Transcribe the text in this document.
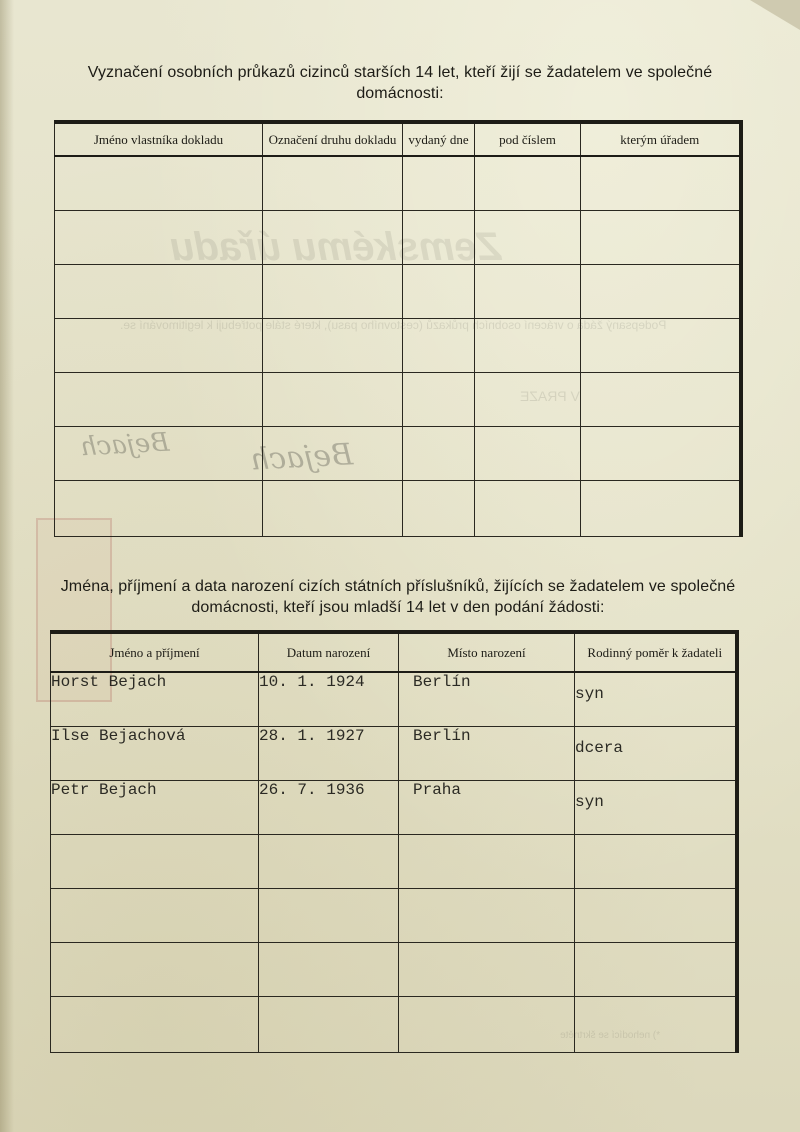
Zemskému úřadu
Podepsaný žádá o vrácení osobních průkazů (cestovního pasu), které stále potřebuji k legitimování se.
V PRAZE
*) nehodící se škrtněte
Bejach	Bejach
Vyznačení osobních průkazů cizinců starších 14 let, kteří žijí se žadatelem ve společné domácnosti:
Jméno vlastníka dokladu	Označení druhu dokladu	vydaný dne	pod číslem	kterým úřadem

Jména, příjmení a data narození cizích státních příslušníků, žijících se žadatelem ve společné domácnosti, kteří jsou mladší 14 let v den podání žádosti:
Jméno a příjmení	Datum narození	Místo narození	Rodinný poměr k žadateli
Horst Bejach	10. 1. 1924	Berlín	syn
Ilse Bejachová	28. 1. 1927	Berlín	dcera
Petr Bejach	26. 7. 1936	Praha	syn
